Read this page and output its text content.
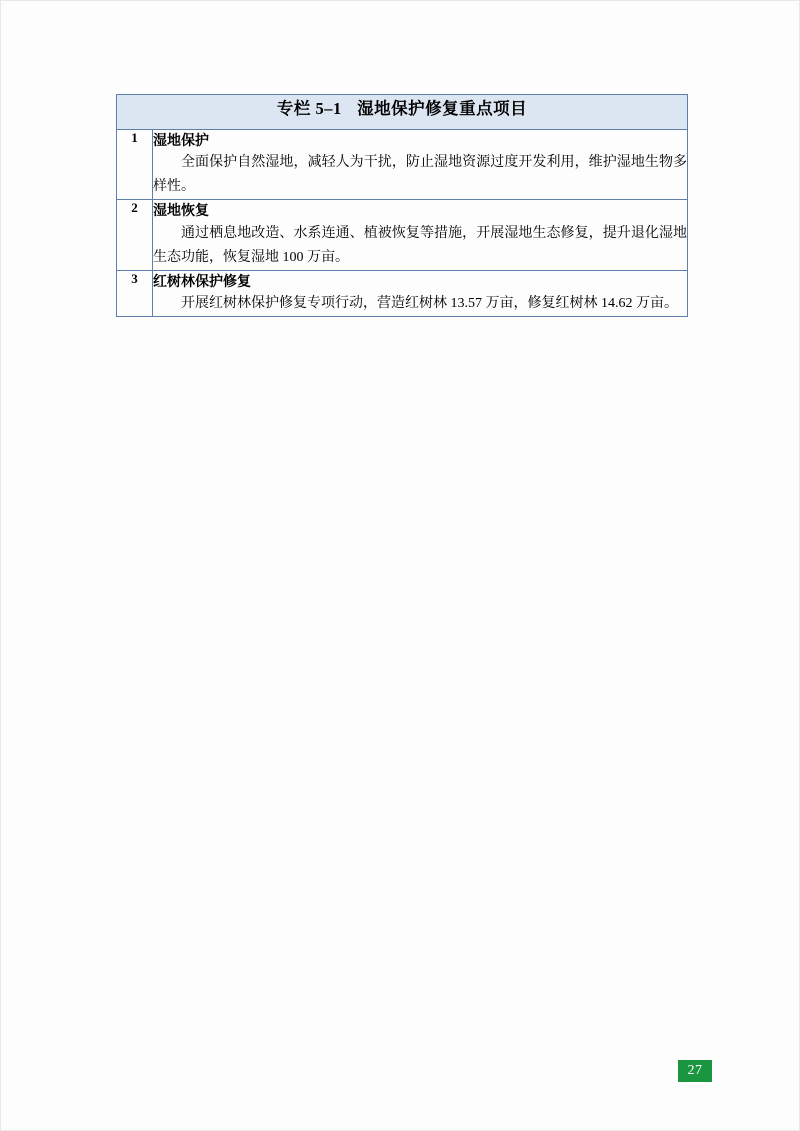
专栏 5–1 湿地保护修复重点项目	
1	湿地保护
全面保护自然湿地，减轻人为干扰，防止湿地资源过度开发利用，维护湿地生物多样性。

2	湿地恢复
通过栖息地改造、水系连通、植被恢复等措施，开展湿地生态修复，提升退化湿地生态功能，恢复湿地 100 万亩。

3	红树林保护修复
开展红树林保护修复专项行动，营造红树林 13.57 万亩，修复红树林 14.62 万亩。
27
